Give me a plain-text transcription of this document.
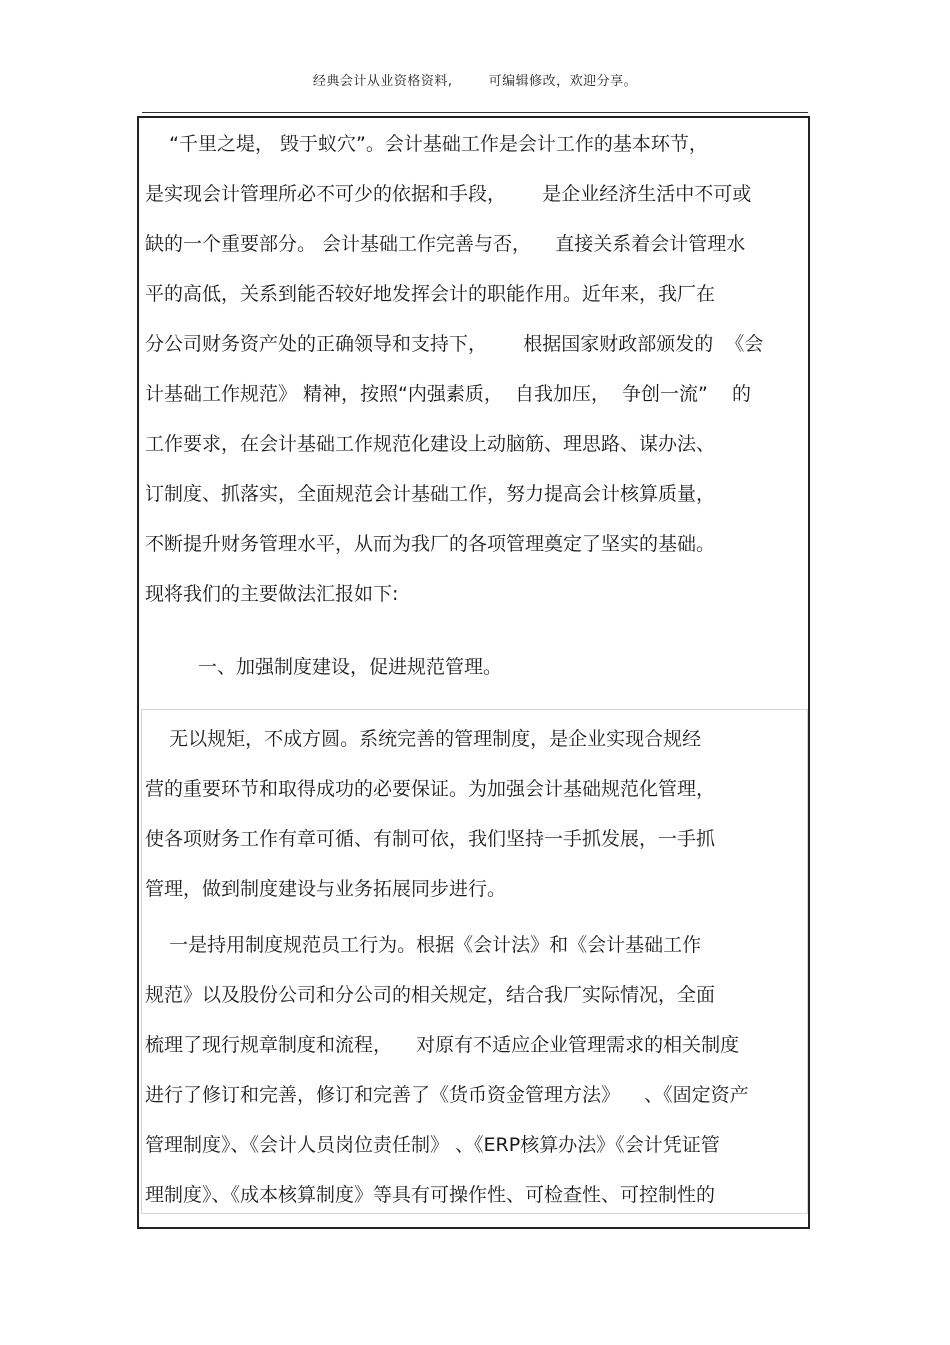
经典会计从业资格资料,	可编辑修改，欢迎分享。
“千里之堤， 毁于蚁穴”。会计基础工作是会计工作的基本环节，
是实现会计管理所必不可少的依据和手段，      是企业经济生活中不可或
缺的一个重要部分。 会计基础工作完善与否，    直接关系着会计管理水
平的高低，关系到能否较好地发挥会计的职能作用。近年来，我厂在
分公司财务资产处的正确领导和支持下，      根据国家财政部颁发的  《会
计基础工作规范》 精神，按照“内强素质，  自我加压，  争创一流”    的
工作要求，在会计基础工作规范化建设上动脑筋、理思路、谋办法、
订制度、抓落实，全面规范会计基础工作，努力提高会计核算质量，
不断提升财务管理水平，从而为我厂的各项管理奠定了坚实的基础。
现将我们的主要做法汇报如下:
一、加强制度建设，促进规范管理。
无以规矩，不成方圆。系统完善的管理制度，是企业实现合规经
营的重要环节和取得成功的必要保证。为加强会计基础规范化管理，
使各项财务工作有章可循、有制可依，我们坚持一手抓发展，一手抓
管理，做到制度建设与业务拓展同步进行。
一是持用制度规范员工行为。根据《会计法》和《会计基础工作
规范》以及股份公司和分公司的相关规定，结合我厂实际情况，全面
梳理了现行规章制度和流程，    对原有不适应企业管理需求的相关制度
进行了修订和完善，修订和完善了《货币资金管理方法》    、《固定资产
管理制度》、《会计人员岗位责任制》 、《ERP核算办法》《会计凭证管
理制度》、《成本核算制度》等具有可操作性、可检查性、可控制性的
